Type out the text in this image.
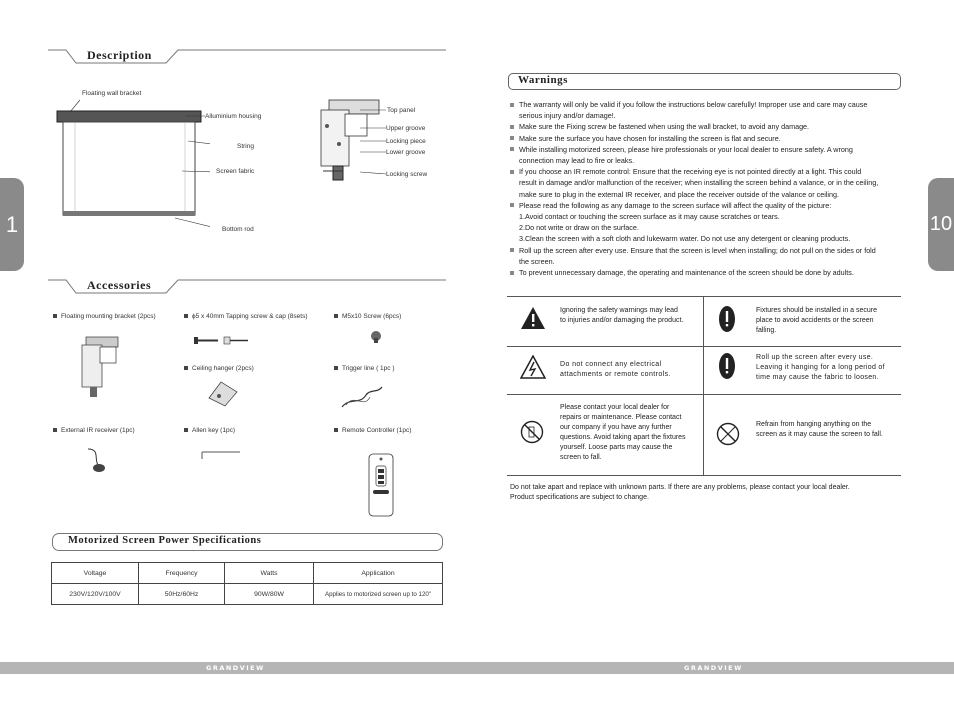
1
Description
Floating wall bracket
Alluminium housing
String
Screen fabric
Bottom rod
Top panel
Upper groove
Locking piece
Lower groove
Locking screw
Accessories
Floating mounting bracket (2pcs)	ϕ5 x 40mm Tapping screw & cap (8sets)	M5x10 Screw (6pcs)
Ceiling hanger (2pcs)	Trigger line ( 1pc )
External IR receiver (1pc)	Allen key (1pc)	Remote Controller (1pc)
Motorized Screen Power Specifications
Voltage	Frequency	Watts	Application
230V/120V/100V	50Hz/60Hz	90W/80W	Applies to motorized screen up to 120"
GRANDVIEW	GRANDVIEW
10
Warnings
The warranty will only be valid if you follow the instructions below carefully! Improper use and care may cause
serious injury and/or damage!.
Make sure the Fixing screw be fastened when using the wall bracket, to avoid any damage.
Make sure the surface you have chosen for installing the screen is flat and secure.
While installing motorized screen, please hire professionals or your local dealer to ensure safety. A wrong
connection may lead to fire or leaks.
If you choose an IR remote control: Ensure that the receiving eye is not pointed directly at a light. This could
result in damage and/or malfunction of the receiver; when installing the screen behind a valance, or in the ceiling,
make sure to plug in the external IR receiver, and place the receiver outside of the valance or ceiling.
Please read the following as any damage to the screen surface will affect the quality of the picture:
1.Avoid contact or touching the screen surface as it may cause scratches or tears.
2.Do not write or draw on the surface.
3.Clean the screen with a soft cloth and lukewarm water. Do not use any detergent or cleaning products.
Roll up the screen after every use. Ensure that the screen is level when installing; do not pull on the sides or fold
the screen.
To prevent unnecessary damage, the operating and maintenance of the screen should be done by adults.
Ignoring the safety warnings may lead to injuries and/or damaging the product.
Fixtures should be installed in a secure place to avoid accidents or the screen falling.
Do not connect any electrical attachments or remote controls.
Roll up the screen after every use. Leaving it hanging for a long period of time may cause the fabric to loosen.
Please contact your local dealer for repairs or maintenance. Please contact our company if you have any further questions. Avoid taking apart the fixtures yourself. Loose parts may cause the screen to fall.
Refrain from hanging anything on the screen as it may cause the screen to fall.
Do not take apart and replace with unknown parts. If there are any problems, please contact your local dealer.
Product specifications are subject to change.
